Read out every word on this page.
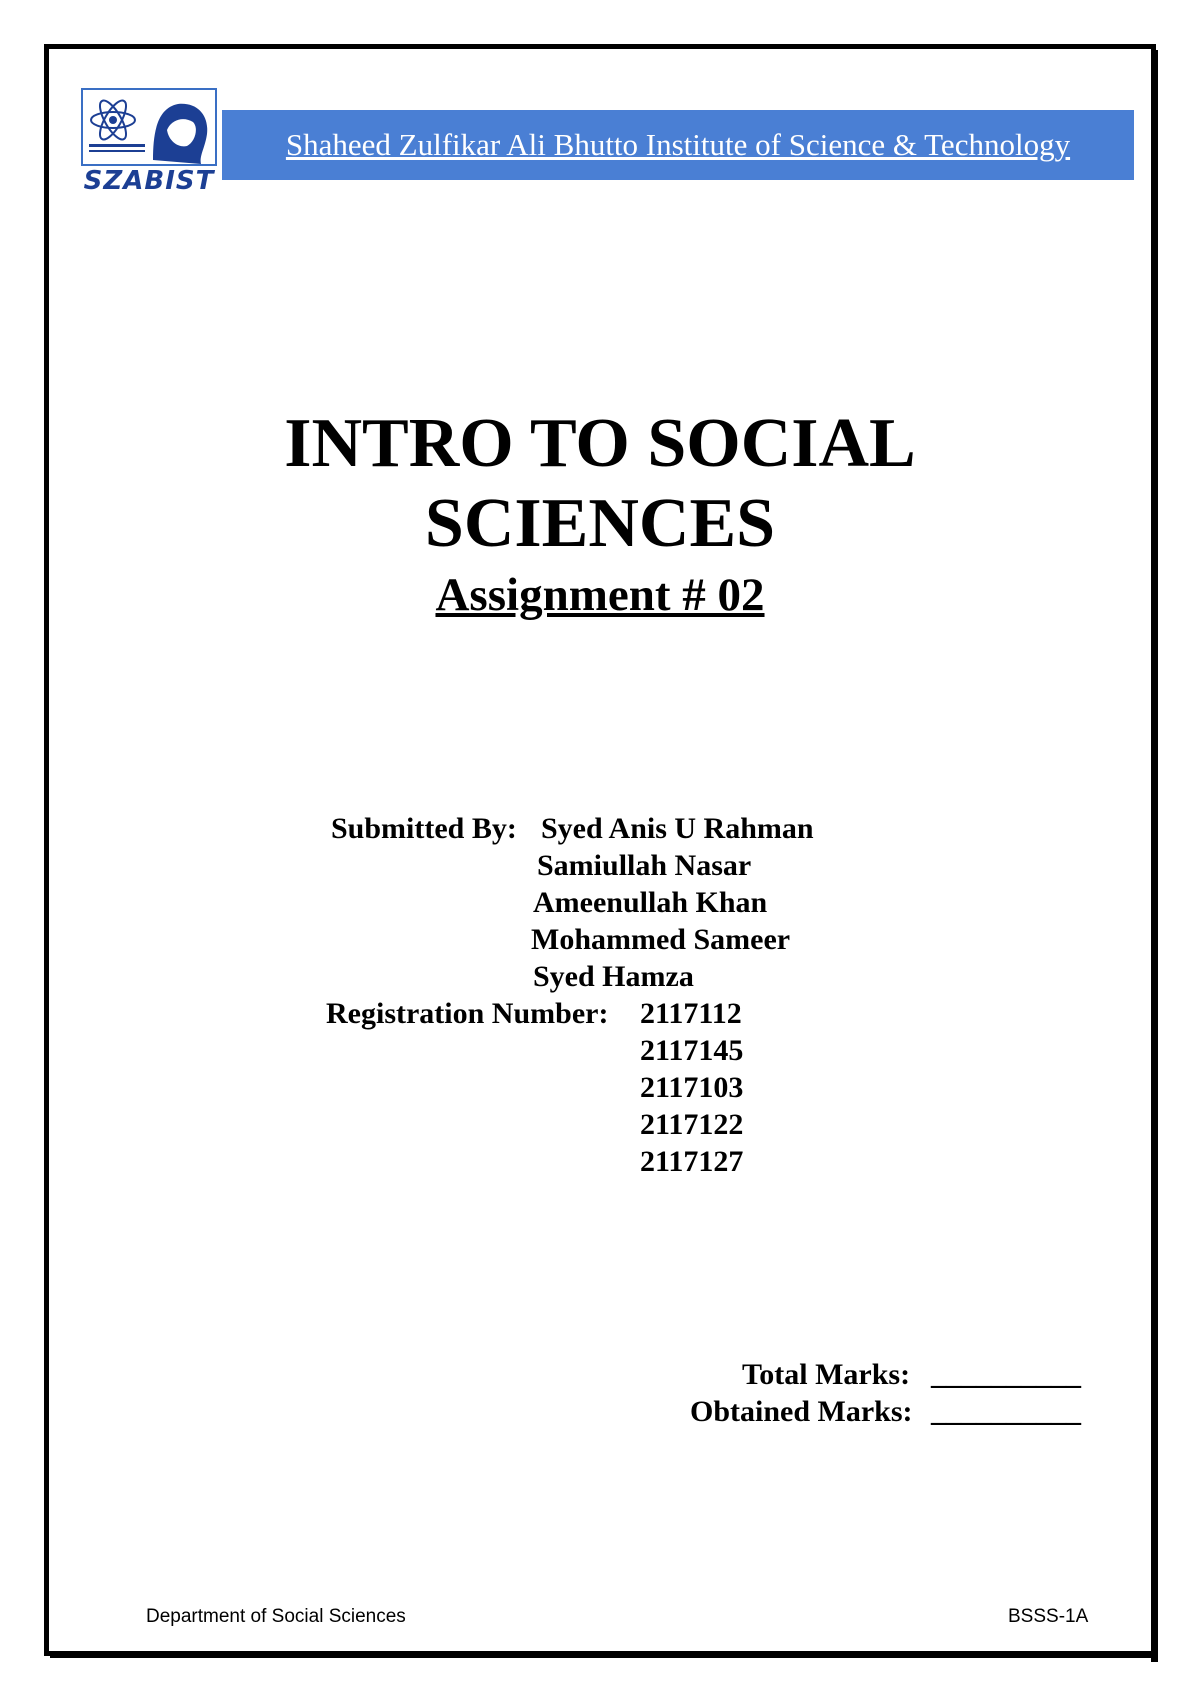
SZABIST
Shaheed Zulfikar Ali Bhutto Institute of Science & Technology
INTRO TO SOCIAL
SCIENCES
Assignment # 02
Submitted By: Syed Anis U Rahman
Samiullah Nasar
Ameenullah Khan
Mohammed Sameer
Syed Hamza
Registration Number: 2117112
2117145
2117103
2117122
2117127
Total Marks: __________
Obtained Marks: __________
Department of Social Sciences	BSSS-1A
